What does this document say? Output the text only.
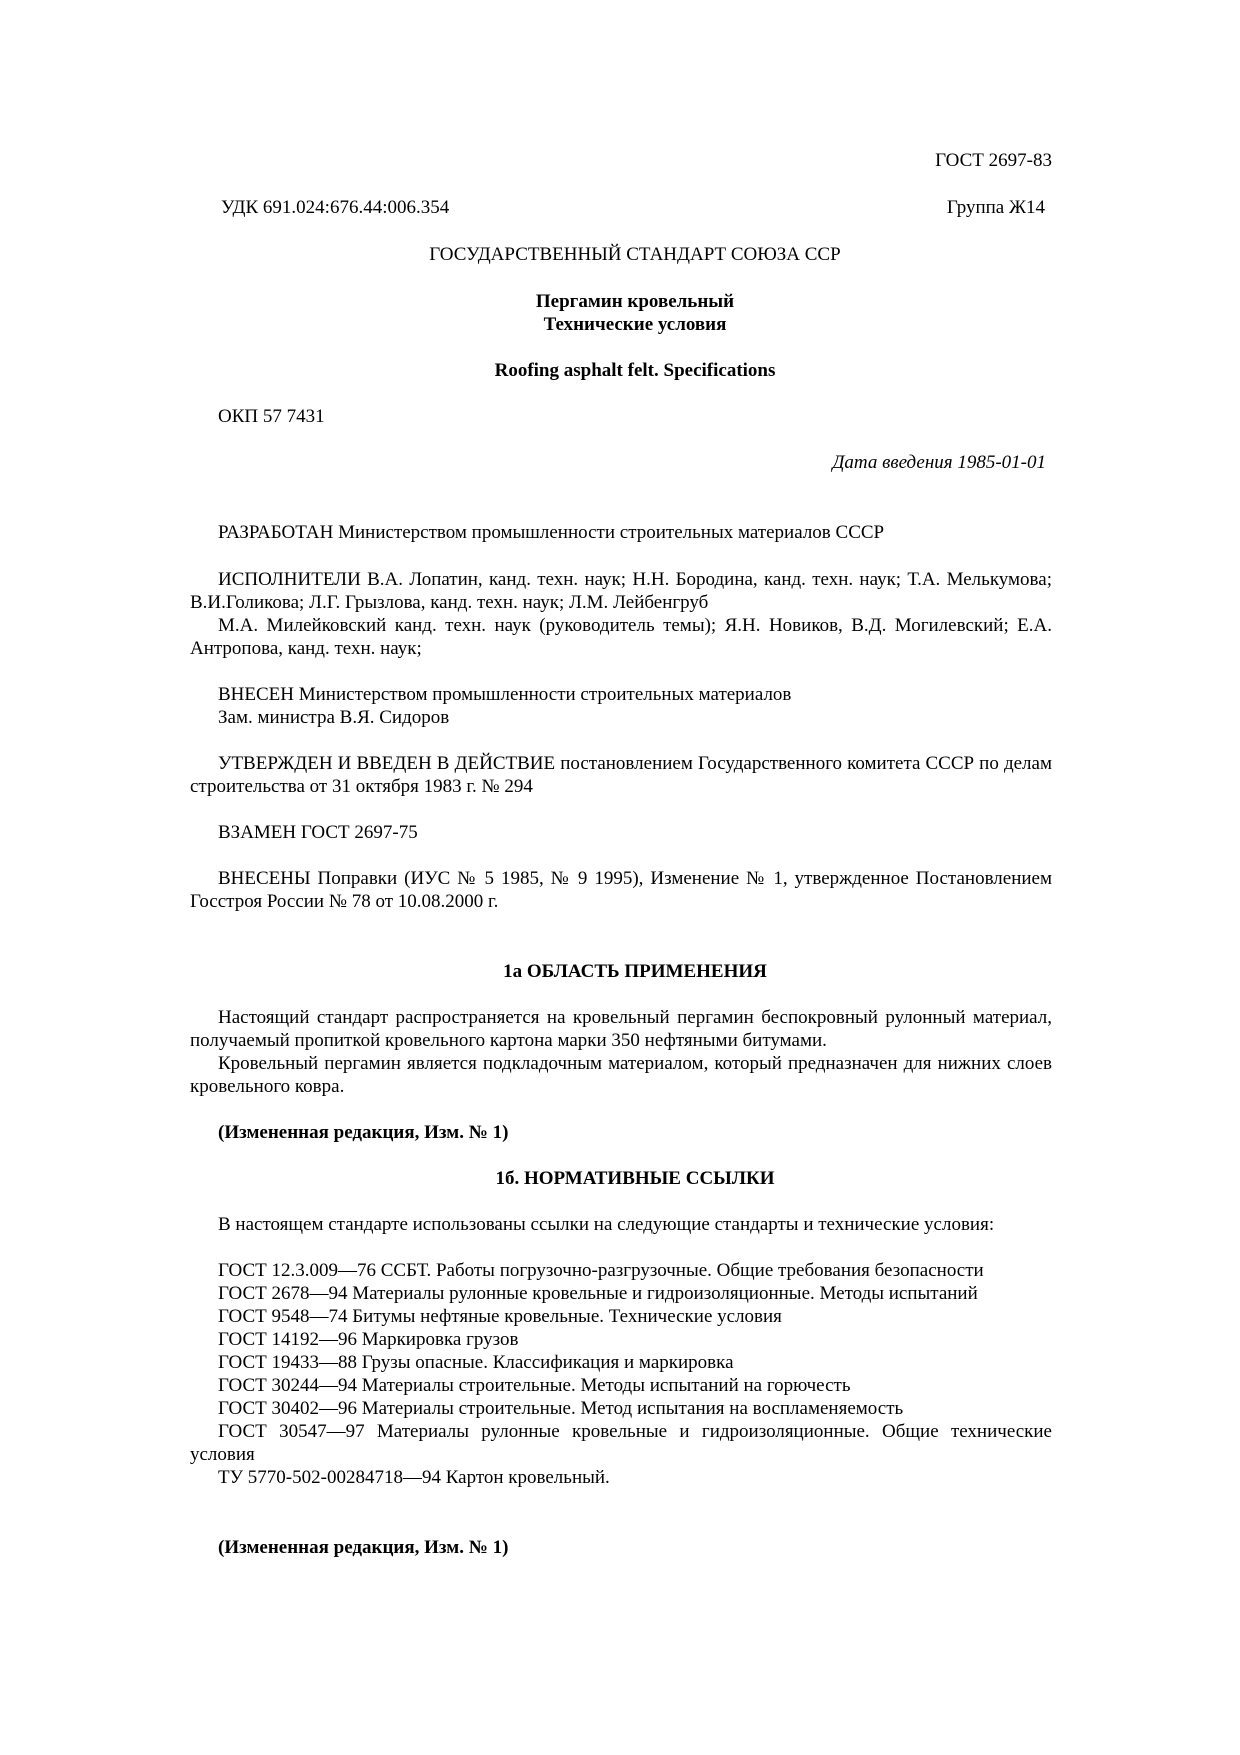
ГОСТ 2697-83

УДК 691.024:676.44:006.354	Группа Ж14

ГОСУДАРСТВЕННЫЙ СТАНДАРТ СОЮЗА ССР

Пергамин кровельный

Технические условия

Roofing asphalt felt. Specifications

ОКП 57 7431

Дата введения 1985-01-01

РАЗРАБОТАН Министерством промышленности строительных материалов СССР

ИСПОЛНИТЕЛИ В.А. Лопатин, канд. техн. наук; Н.Н. Бородина, канд. техн. наук; Т.А. Мелькумова; В.И.Голикова; Л.Г. Грызлова, канд. техн. наук; Л.М. Лейбенгруб

М.А. Милейковский канд. техн. наук (руководитель темы); Я.Н. Новиков, В.Д. Могилевский; Е.А. Антропова, канд. техн. наук;

ВНЕСЕН Министерством промышленности строительных материалов

Зам. министра В.Я. Сидоров

УТВЕРЖДЕН И ВВЕДЕН В ДЕЙСТВИЕ постановлением Государственного комитета СССР по делам строительства от 31 октября 1983 г. № 294

ВЗАМЕН ГОСТ 2697-75

ВНЕСЕНЫ Поправки (ИУС № 5 1985, № 9 1995), Изменение № 1, утвержденное Постановлением Госстроя России № 78 от 10.08.2000 г.

1а ОБЛАСТЬ ПРИМЕНЕНИЯ

Настоящий стандарт распространяется на кровельный пергамин беспокровный рулонный материал, получаемый пропиткой кровельного картона марки 350 нефтяными битумами.

Кровельный пергамин является подкладочным материалом, который предназначен для нижних слоев кровельного ковра.

(Измененная редакция, Изм. № 1)

1б. НОРМАТИВНЫЕ ССЫЛКИ

В настоящем стандарте использованы ссылки на следующие стандарты и технические условия:

ГОСТ 12.3.009—76 ССБТ. Работы погрузочно-разгрузочные. Общие требования безопасности

ГОСТ 2678—94 Материалы рулонные кровельные и гидроизоляционные. Методы испытаний

ГОСТ 9548—74 Битумы нефтяные кровельные. Технические условия

ГОСТ 14192—96 Маркировка грузов

ГОСТ 19433—88 Грузы опасные. Классификация и маркировка

ГОСТ 30244—94 Материалы строительные. Методы испытаний на горючесть

ГОСТ 30402—96 Материалы строительные. Метод испытания на воспламеняемость

ГОСТ 30547—97 Материалы рулонные кровельные и гидроизоляционные. Общие технические условия

ТУ 5770-502-00284718—94 Картон кровельный.

(Измененная редакция, Изм. № 1)
